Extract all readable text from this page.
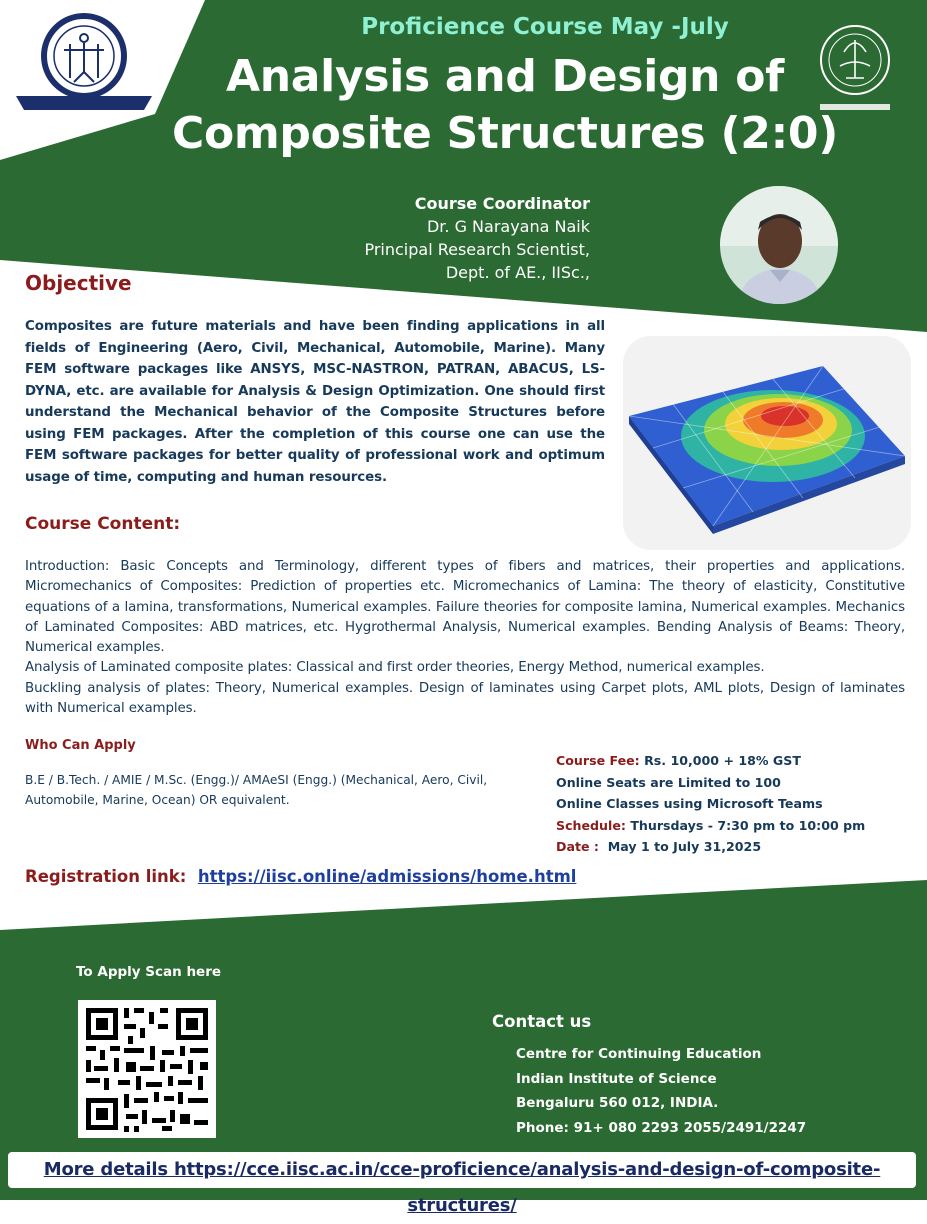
Proficience Course May -July
Analysis and Design of
Composite Structures (2:0)
Course Coordinator
Dr. G Narayana Naik
Principal Research Scientist,
Dept. of AE., IISc.,
Objective
Composites are future materials and have been finding applications in all fields of Engineering (Aero, Civil, Mechanical, Automobile, Marine). Many FEM software packages like ANSYS, MSC-NASTRON, PATRAN, ABACUS, LS-DYNA, etc. are available for Analysis & Design Optimization. One should first understand the Mechanical behavior of the Composite Structures before using FEM packages. After the completion of this course one can use the FEM software packages for better quality of professional work and optimum usage of time, computing and human resources.
Course Content:
Introduction: Basic Concepts and Terminology, different types of fibers and matrices, their properties and applications. Micromechanics of Composites: Prediction of properties etc. Micromechanics of Lamina: The theory of elasticity, Constitutive equations of a lamina, transformations, Numerical examples. Failure theories for composite lamina, Numerical examples. Mechanics of Laminated Composites: ABD matrices, etc. Hygrothermal Analysis, Numerical examples. Bending Analysis of Beams: Theory, Numerical examples.
Analysis of Laminated composite plates: Classical and first order theories, Energy Method, numerical examples.
Buckling analysis of plates: Theory, Numerical examples. Design of laminates using Carpet plots, AML plots, Design of laminates with Numerical examples.
Who Can Apply
B.E / B.Tech. / AMIE / M.Sc. (Engg.)/ AMAeSI (Engg.) (Mechanical, Aero, Civil, Automobile, Marine, Ocean) OR equivalent.
Course Fee: Rs. 10,000 + 18% GST
Online Seats are Limited to 100
Online Classes using Microsoft Teams
Schedule: Thursdays - 7:30 pm to 10:00 pm
Date : May 1 to July 31,2025
Registration link: https://iisc.online/admissions/home.html
To Apply Scan here
Contact us
Centre for Continuing Education
Indian Institute of Science
Bengaluru 560 012, INDIA.
Phone: 91+ 080 2293 2055/2491/2247
More details https://cce.iisc.ac.in/cce-proficience/analysis-and-design-of-composite-structures/
